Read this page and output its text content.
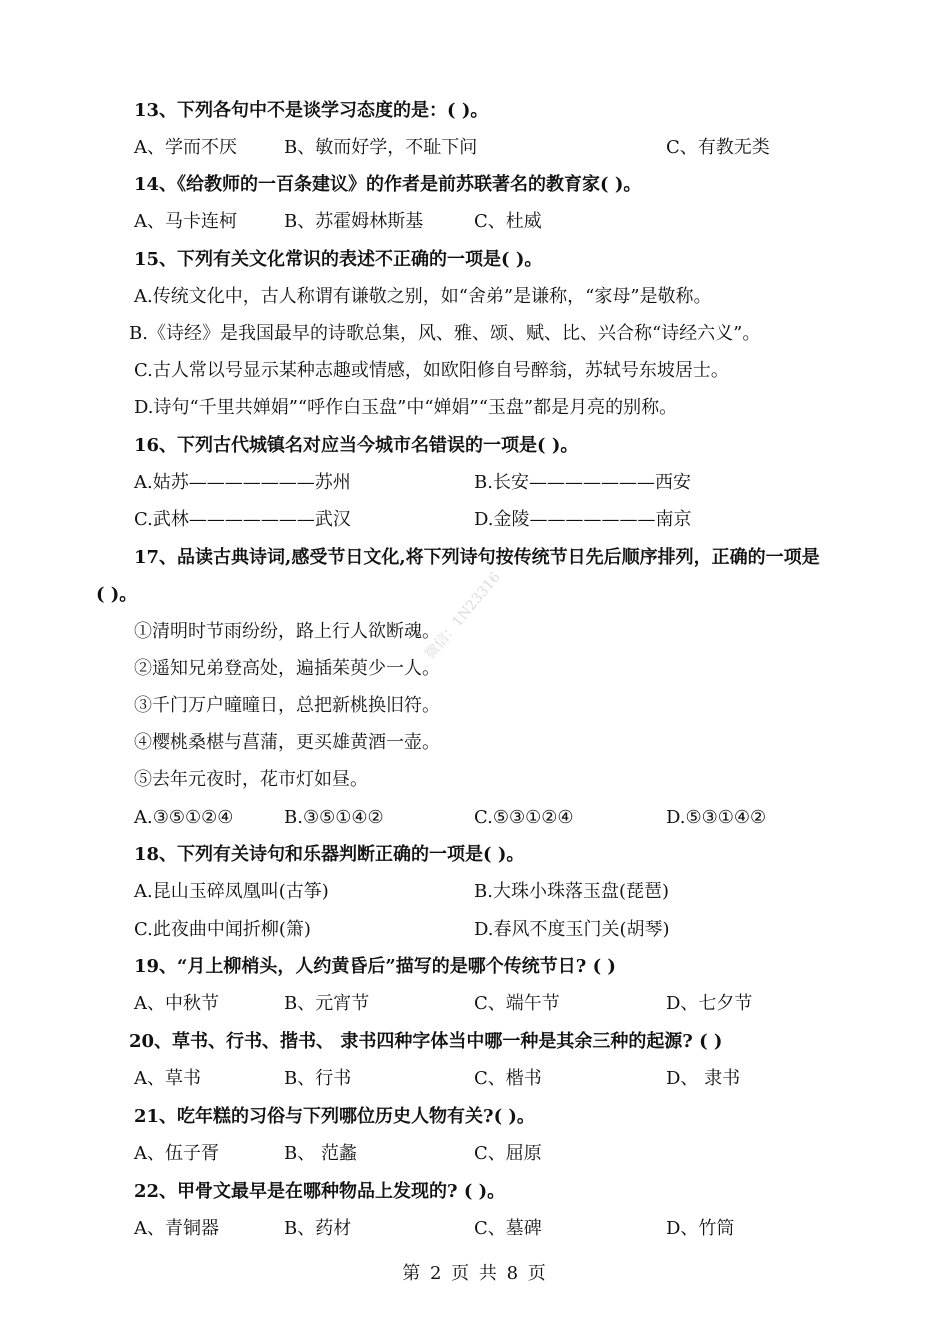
微信：1N23316
13、下列各句中不是谈学习态度的是：( )。
A、学而不厌	B、敏而好学，不耻下问	C、有教无类
14、《给教师的一百条建议》的作者是前苏联著名的教育家( )。
A、马卡连柯	B、苏霍姆林斯基	C、杜威
15、下列有关文化常识的表述不正确的一项是( )。
A.传统文化中，古人称谓有谦敬之别，如“舍弟”是谦称，“家母”是敬称。
B.《诗经》是我国最早的诗歌总集，风、雅、颂、赋、比、兴合称“诗经六义”。
C.古人常以号显示某种志趣或情感，如欧阳修自号醉翁，苏轼号东坡居士。
D.诗句“千里共婵娟”“呼作白玉盘”中“婵娟”“玉盘”都是月亮的别称。
16、下列古代城镇名对应当今城市名错误的一项是( )。
A.姑苏———————苏州	B.长安———————西安
C.武林———————武汉	D.金陵———————南京
17、品读古典诗词,感受节日文化,将下列诗句按传统节日先后顺序排列，正确的一项是
( )。
①清明时节雨纷纷，路上行人欲断魂。
②遥知兄弟登高处，遍插茱萸少一人。
③千门万户曈曈日，总把新桃换旧符。
④樱桃桑椹与菖蒲，更买雄黄酒一壶。
⑤去年元夜时，花市灯如昼。
A.③⑤①②④	B.③⑤①④②	C.⑤③①②④	D.⑤③①④②
18、下列有关诗句和乐器判断正确的一项是( )。
A.昆山玉碎凤凰叫(古筝)	B.大珠小珠落玉盘(琵琶)
C.此夜曲中闻折柳(箫)	D.春风不度玉门关(胡琴)
19、“月上柳梢头，人约黄昏后”描写的是哪个传统节日? ( )
A、中秋节	B、元宵节	C、端午节	D、七夕节
20、草书、行书、揩书、 隶书四种字体当中哪一种是其余三种的起源? ( )
A、草书	B、行书	C、楷书	D、 隶书
21、吃年糕的习俗与下列哪位历史人物有关?( )。
A、伍子胥	B、 范蠡	C、屈原
22、甲骨文最早是在哪种物品上发现的? ( )。
A、青铜器	B、药材	C、墓碑	D、竹筒
第 2 页 共 8 页
